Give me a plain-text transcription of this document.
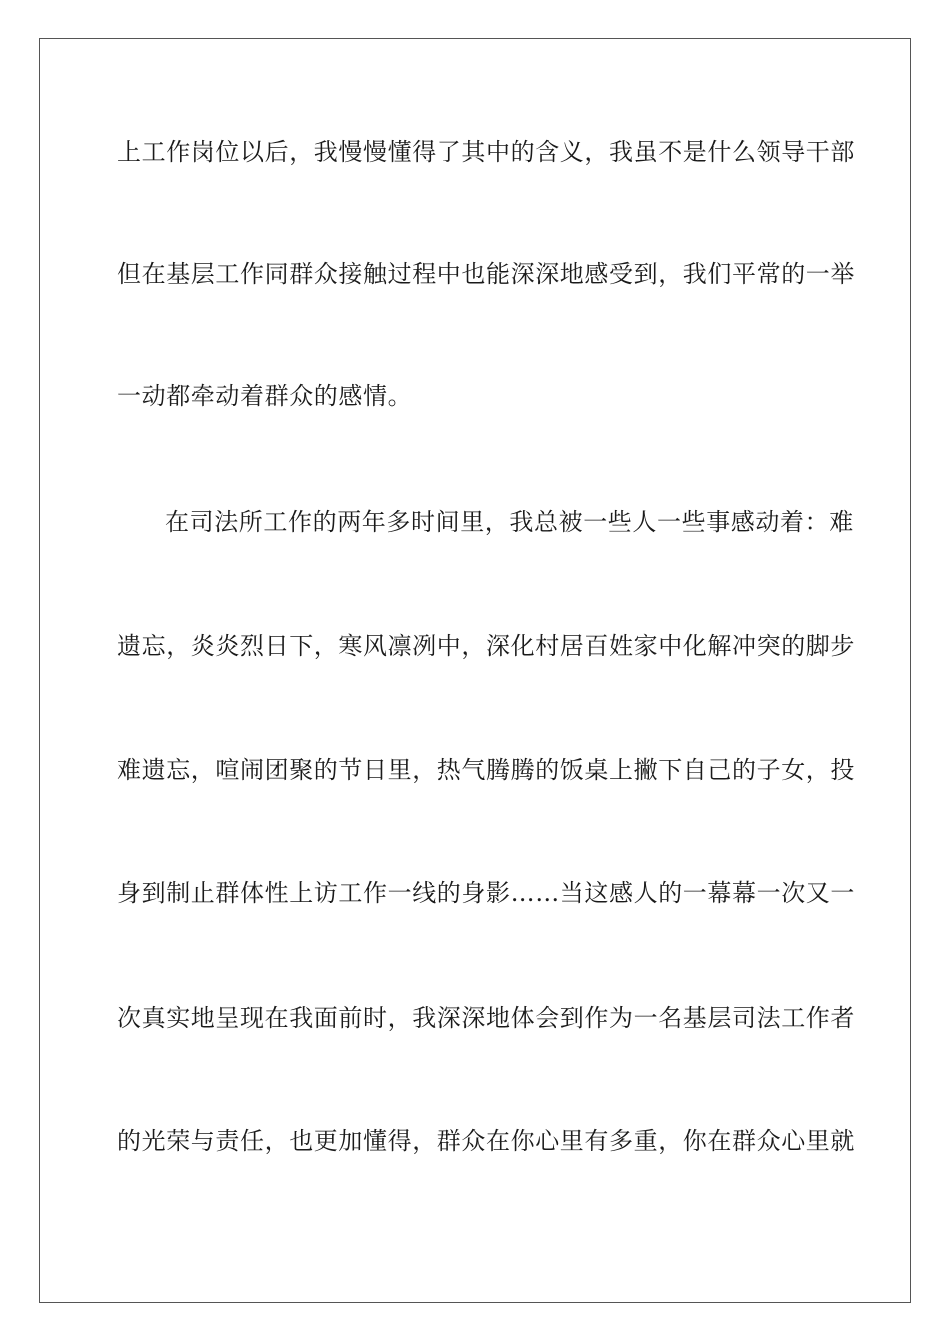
上工作岗位以后，我慢慢懂得了其中的含义，我虽不是什么领导干部
但在基层工作同群众接触过程中也能深深地感受到，我们平常的一举
一动都牵动着群众的感情。
在司法所工作的两年多时间里，我总被一些人一些事感动着：难
遗忘，炎炎烈日下，寒风凛冽中，深化村居百姓家中化解冲突的脚步
难遗忘，喧闹团聚的节日里，热气腾腾的饭桌上撇下自己的子女，投
身到制止群体性上访工作一线的身影……当这感人的一幕幕一次又一
次真实地呈现在我面前时，我深深地体会到作为一名基层司法工作者
的光荣与责任，也更加懂得，群众在你心里有多重，你在群众心里就
